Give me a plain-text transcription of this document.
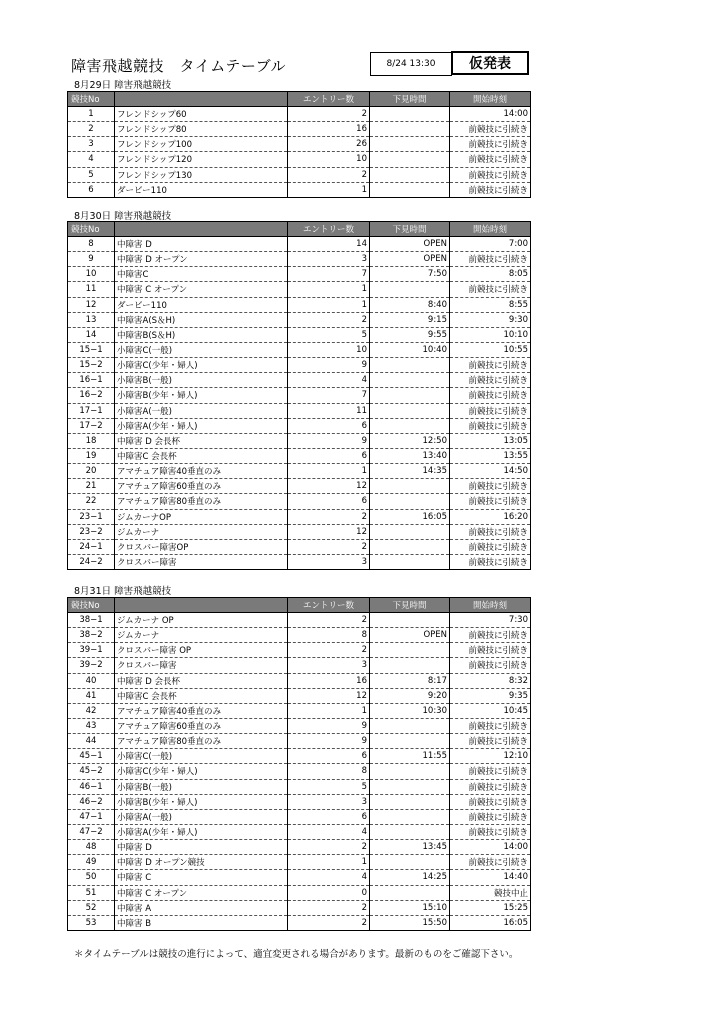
障害飛越競技　タイムテーブル	8/24 13:30	仮発表
8月29日 障害飛越競技
競技No		エントリー数	下見時間	開始時刻
1	フレンドシップ60	2		14:00
2	フレンドシップ80	16		前競技に引続き
3	フレンドシップ100	26		前競技に引続き
4	フレンドシップ120	10		前競技に引続き
5	フレンドシップ130	2		前競技に引続き
6	ダービー110	1		前競技に引続き
8月30日 障害飛越競技
競技No		エントリー数	下見時間	開始時刻
8	中障害 D	14	OPEN	7:00
9	中障害 D オープン	3	OPEN	前競技に引続き
10	中障害C	7	7:50	8:05
11	中障害 C オープン	1		前競技に引続き
12	ダービー110	1	8:40	8:55
13	中障害A(S＆H)	2	9:15	9:30
14	中障害B(S＆H)	5	9:55	10:10
15−1	小障害C(一般)	10	10:40	10:55
15−2	小障害C(少年・婦人)	9		前競技に引続き
16−1	小障害B(一般)	4		前競技に引続き
16−2	小障害B(少年・婦人)	7		前競技に引続き
17−1	小障害A(一般)	11		前競技に引続き
17−2	小障害A(少年・婦人)	6		前競技に引続き
18	中障害 D 会長杯	9	12:50	13:05
19	中障害C 会長杯	6	13:40	13:55
20	アマチュア障害40垂直のみ	1	14:35	14:50
21	アマチュア障害60垂直のみ	12		前競技に引続き
22	アマチュア障害80垂直のみ	6		前競技に引続き
23−1	ジムカーナOP	2	16:05	16:20
23−2	ジムカーナ	12		前競技に引続き
24−1	クロスバー障害OP	2		前競技に引続き
24−2	クロスバー障害	3		前競技に引続き
8月31日 障害飛越競技
競技No		エントリー数	下見時間	開始時刻
38−1	ジムカーナ OP	2		7:30
38−2	ジムカーナ	8	OPEN	前競技に引続き
39−1	クロスバー障害 OP	2		前競技に引続き
39−2	クロスバー障害	3		前競技に引続き
40	中障害 D 会長杯	16	8:17	8:32
41	中障害C 会長杯	12	9:20	9:35
42	アマチュア障害40垂直のみ	1	10:30	10:45
43	アマチュア障害60垂直のみ	9		前競技に引続き
44	アマチュア障害80垂直のみ	9		前競技に引続き
45−1	小障害C(一般)	6	11:55	12:10
45−2	小障害C(少年・婦人)	8		前競技に引続き
46−1	小障害B(一般)	5		前競技に引続き
46−2	小障害B(少年・婦人)	3		前競技に引続き
47−1	小障害A(一般)	6		前競技に引続き
47−2	小障害A(少年・婦人)	4		前競技に引続き
48	中障害 D	2	13:45	14:00
49	中障害 D オープン競技	1		前競技に引続き
50	中障害 C	4	14:25	14:40
51	中障害 C オープン	0		競技中止
52	中障害 A	2	15:10	15:25
53	中障害 B	2	15:50	16:05
＊タイムテーブルは競技の進行によって、適宜変更される場合があります。最新のものをご確認下さい。
